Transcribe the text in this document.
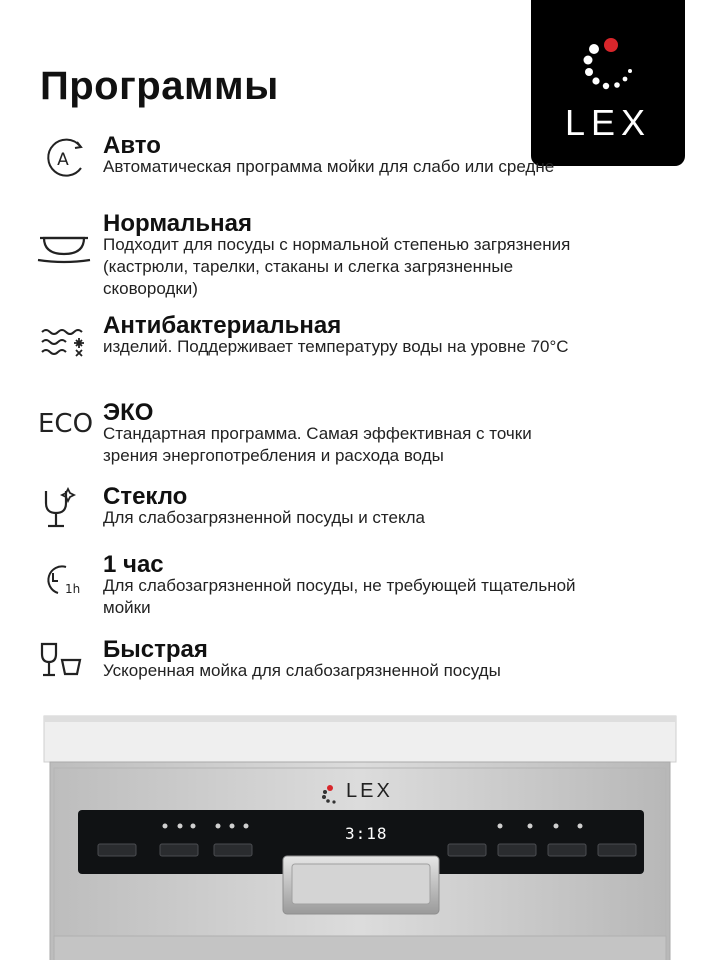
LEX
Программы
A
Авто
Автоматическая программа мойки для слабо или средне
Нормальная
Подходит для посуды с нормальной степенью загрязнения (кастрюли, тарелки, стаканы и слегка загрязненные сковородки)
Антибактериальная
изделий. Поддерживает температуру воды на уровне 70°C
ECO ЭКО
Стандартная программа. Самая эффективная с точки зрения энергопотребления и расхода воды
Стекло
Для слабозагрязненной посуды и стекла
1h
1 час
Для слабозагрязненной посуды, не требующей тщательной мойки
Быстрая
Ускоренная мойка для слабозагрязненной посуды
LEX
3:18
